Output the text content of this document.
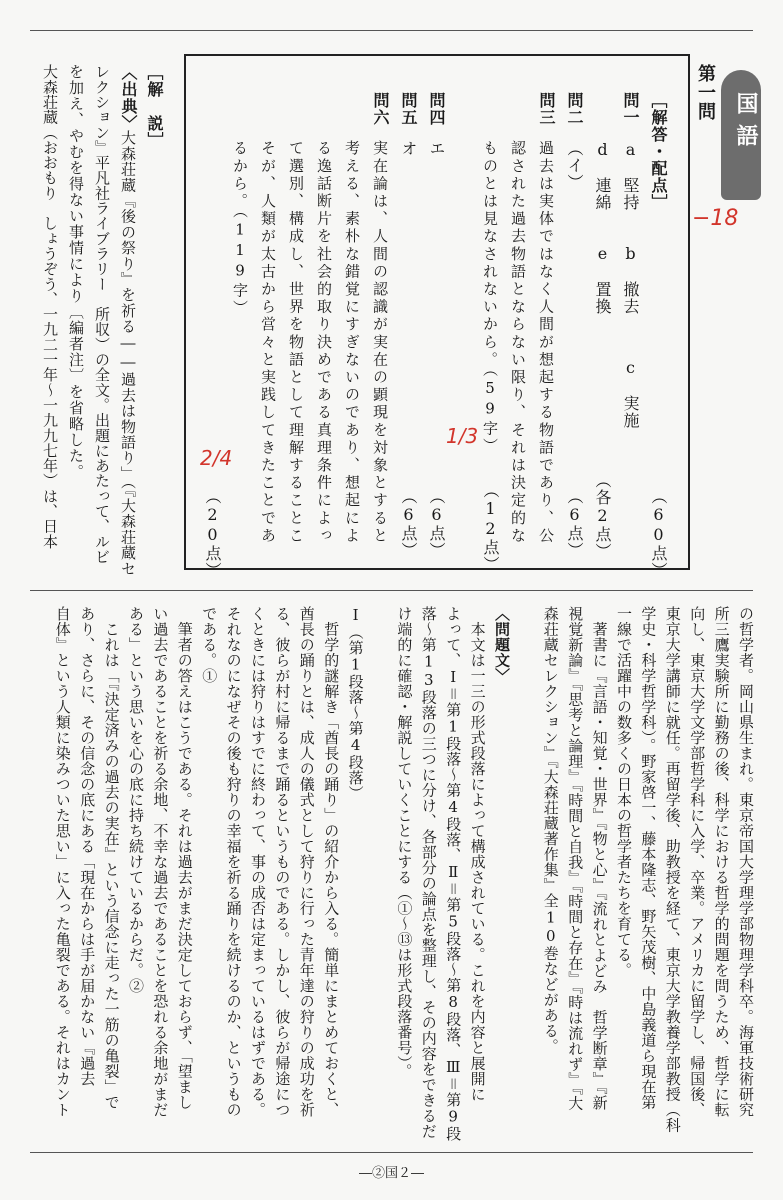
国語
第一問
［解答・配点］
（60点）
問一
a　堅持
b　撤去
c　実施
d　連綿
e　置換
（各2点）
問二
（イ）
（6点）
問三
過去は実体ではなく人間が想起する物語であり、公
認された過去物語とならない限り、それは決定的な
ものとは見なされないから。（59字）
（12点）
問四
エ
（6点）
問五
オ
（6点）
問六
実在論は、人間の認識が実在の顕現を対象とすると
考える、素朴な錯覚にすぎないのであり、想起によ
る逸話断片を社会的取り決めである真理条件によっ
て選別、構成し、世界を物語として理解することこ
そが、人類が太古から営々と実践してきたことであ
るから。（119字）
（20点）
−18
1/3
2/4
［解　説］
〈出典〉
大森荘蔵『後の祭り』を祈る――過去は物語り」（『大森荘蔵セ
レクション』平凡社ライブラリー　所収）の全文。出題にあたって、ルビ
を加え、やむを得ない事情により〔編者注〕を省略した。
大森荘蔵（おおもり　しょうぞう、一九二一年～一九九七年）は、日本
の哲学者。岡山県生まれ。東京帝国大学理学部物理学科卒。海軍技術研究
所三鷹実験所に勤務の後、科学における哲学的問題を問うため、哲学に転
向し、東京大学文学部哲学科に入学、卒業。アメリカに留学し、帰国後、
東京大学講師に就任。再留学後、助教授を経て、東京大学教養学部教授（科
学史・科学哲学科）。野家啓一、藤本隆志、野矢茂樹、中島義道ら現在第
一線で活躍中の数多くの日本の哲学者たちを育てる。
　著書に『言語・知覚・世界』『物と心』『流れとよどみ　哲学断章』『新
視覚新論』『思考と論理』『時間と自我』『時間と存在』『時は流れず』『大
森荘蔵セレクション』『大森荘蔵著作集』全10巻などがある。
〈問題文〉
　本文は一三の形式段落によって構成されている。これを内容と展開に
よって、Ⅰ＝第1段落～第4段落、Ⅱ＝第5段落～第8段落、Ⅲ＝第9段
落～第13段落の三つに分け、各部分の論点を整理し、その内容をできるだ
け端的に確認・解説していくことにする（①～⑬は形式段落番号）。
Ⅰ（第1段落～第4段落）
　哲学的謎解き「酋長の踊り」の紹介から入る。簡単にまとめておくと、
酋長の踊りとは、成人の儀式として狩りに行った青年達の狩りの成功を祈
る、彼らが村に帰るまで踊るというものである。しかし、彼らが帰途につ
くときには狩りはすでに終わって、事の成否は定まっているはずである。
それなのになぜその後も狩りの幸福を祈る踊りを続けるのか、というもの
である。①
　筆者の答えはこうである。それは過去がまだ決定しておらず、「望まし
い過去であることを祈る余地、不幸な過去であることを恐れる余地がまだ
ある」という思いを心の底に持ち続けているからだ。②
　これは「『決定済みの過去の実在』という信念に走った一筋の亀裂」で
あり、さらに、その信念の底にある「現在からは手が届かない『過去
自体』という人類に染みついた思い」に入った亀裂である。それはカント
―②国２―
